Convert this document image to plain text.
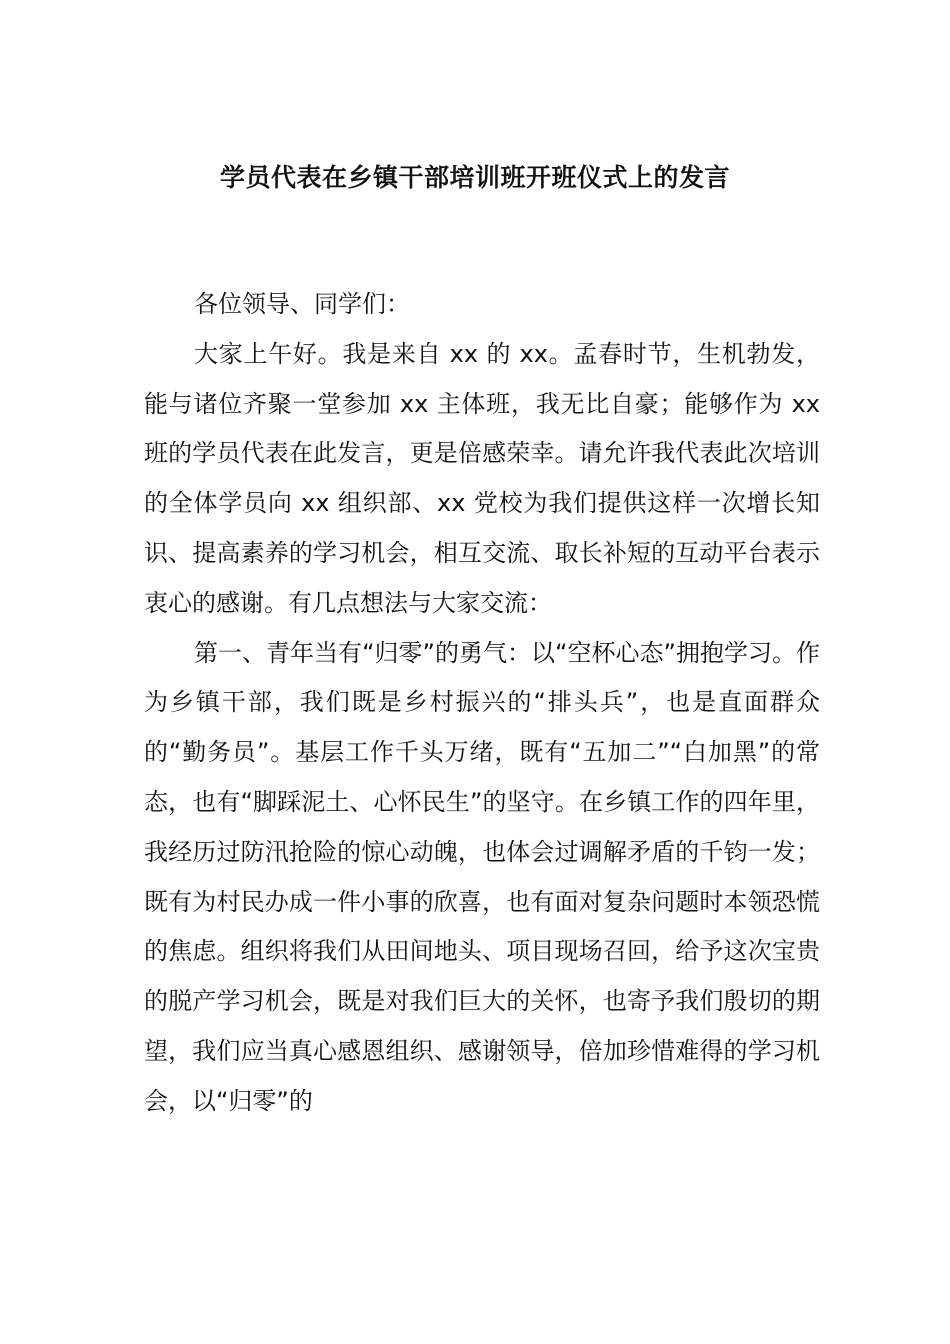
学员代表在乡镇干部培训班开班仪式上的发言

各位领导、同学们：

大家上午好。我是来自 xx 的 xx。孟春时节，生机勃发，能与诸位齐聚一堂参加 xx 主体班，我无比自豪；能够作为 xx 班的学员代表在此发言，更是倍感荣幸。请允许我代表此次培训的全体学员向 xx 组织部、xx 党校为我们提供这样一次增长知识、提高素养的学习机会，相互交流、取长补短的互动平台表示衷心的感谢。有几点想法与大家交流：

第一、青年当有“归零”的勇气：以“空杯心态”拥抱学习。作为乡镇干部，我们既是乡村振兴的“排头兵”，也是直面群众的“勤务员”。基层工作千头万绪，既有“五加二”“白加黑”的常态，也有“脚踩泥土、心怀民生”的坚守。在乡镇工作的四年里，我经历过防汛抢险的惊心动魄，也体会过调解矛盾的千钧一发；既有为村民办成一件小事的欣喜，也有面对复杂问题时本领恐慌的焦虑。组织将我们从田间地头、项目现场召回，给予这次宝贵的脱产学习机会，既是对我们巨大的关怀，也寄予我们殷切的期望，我们应当真心感恩组织、感谢领导，倍加珍惜难得的学习机会，以“归零”的
